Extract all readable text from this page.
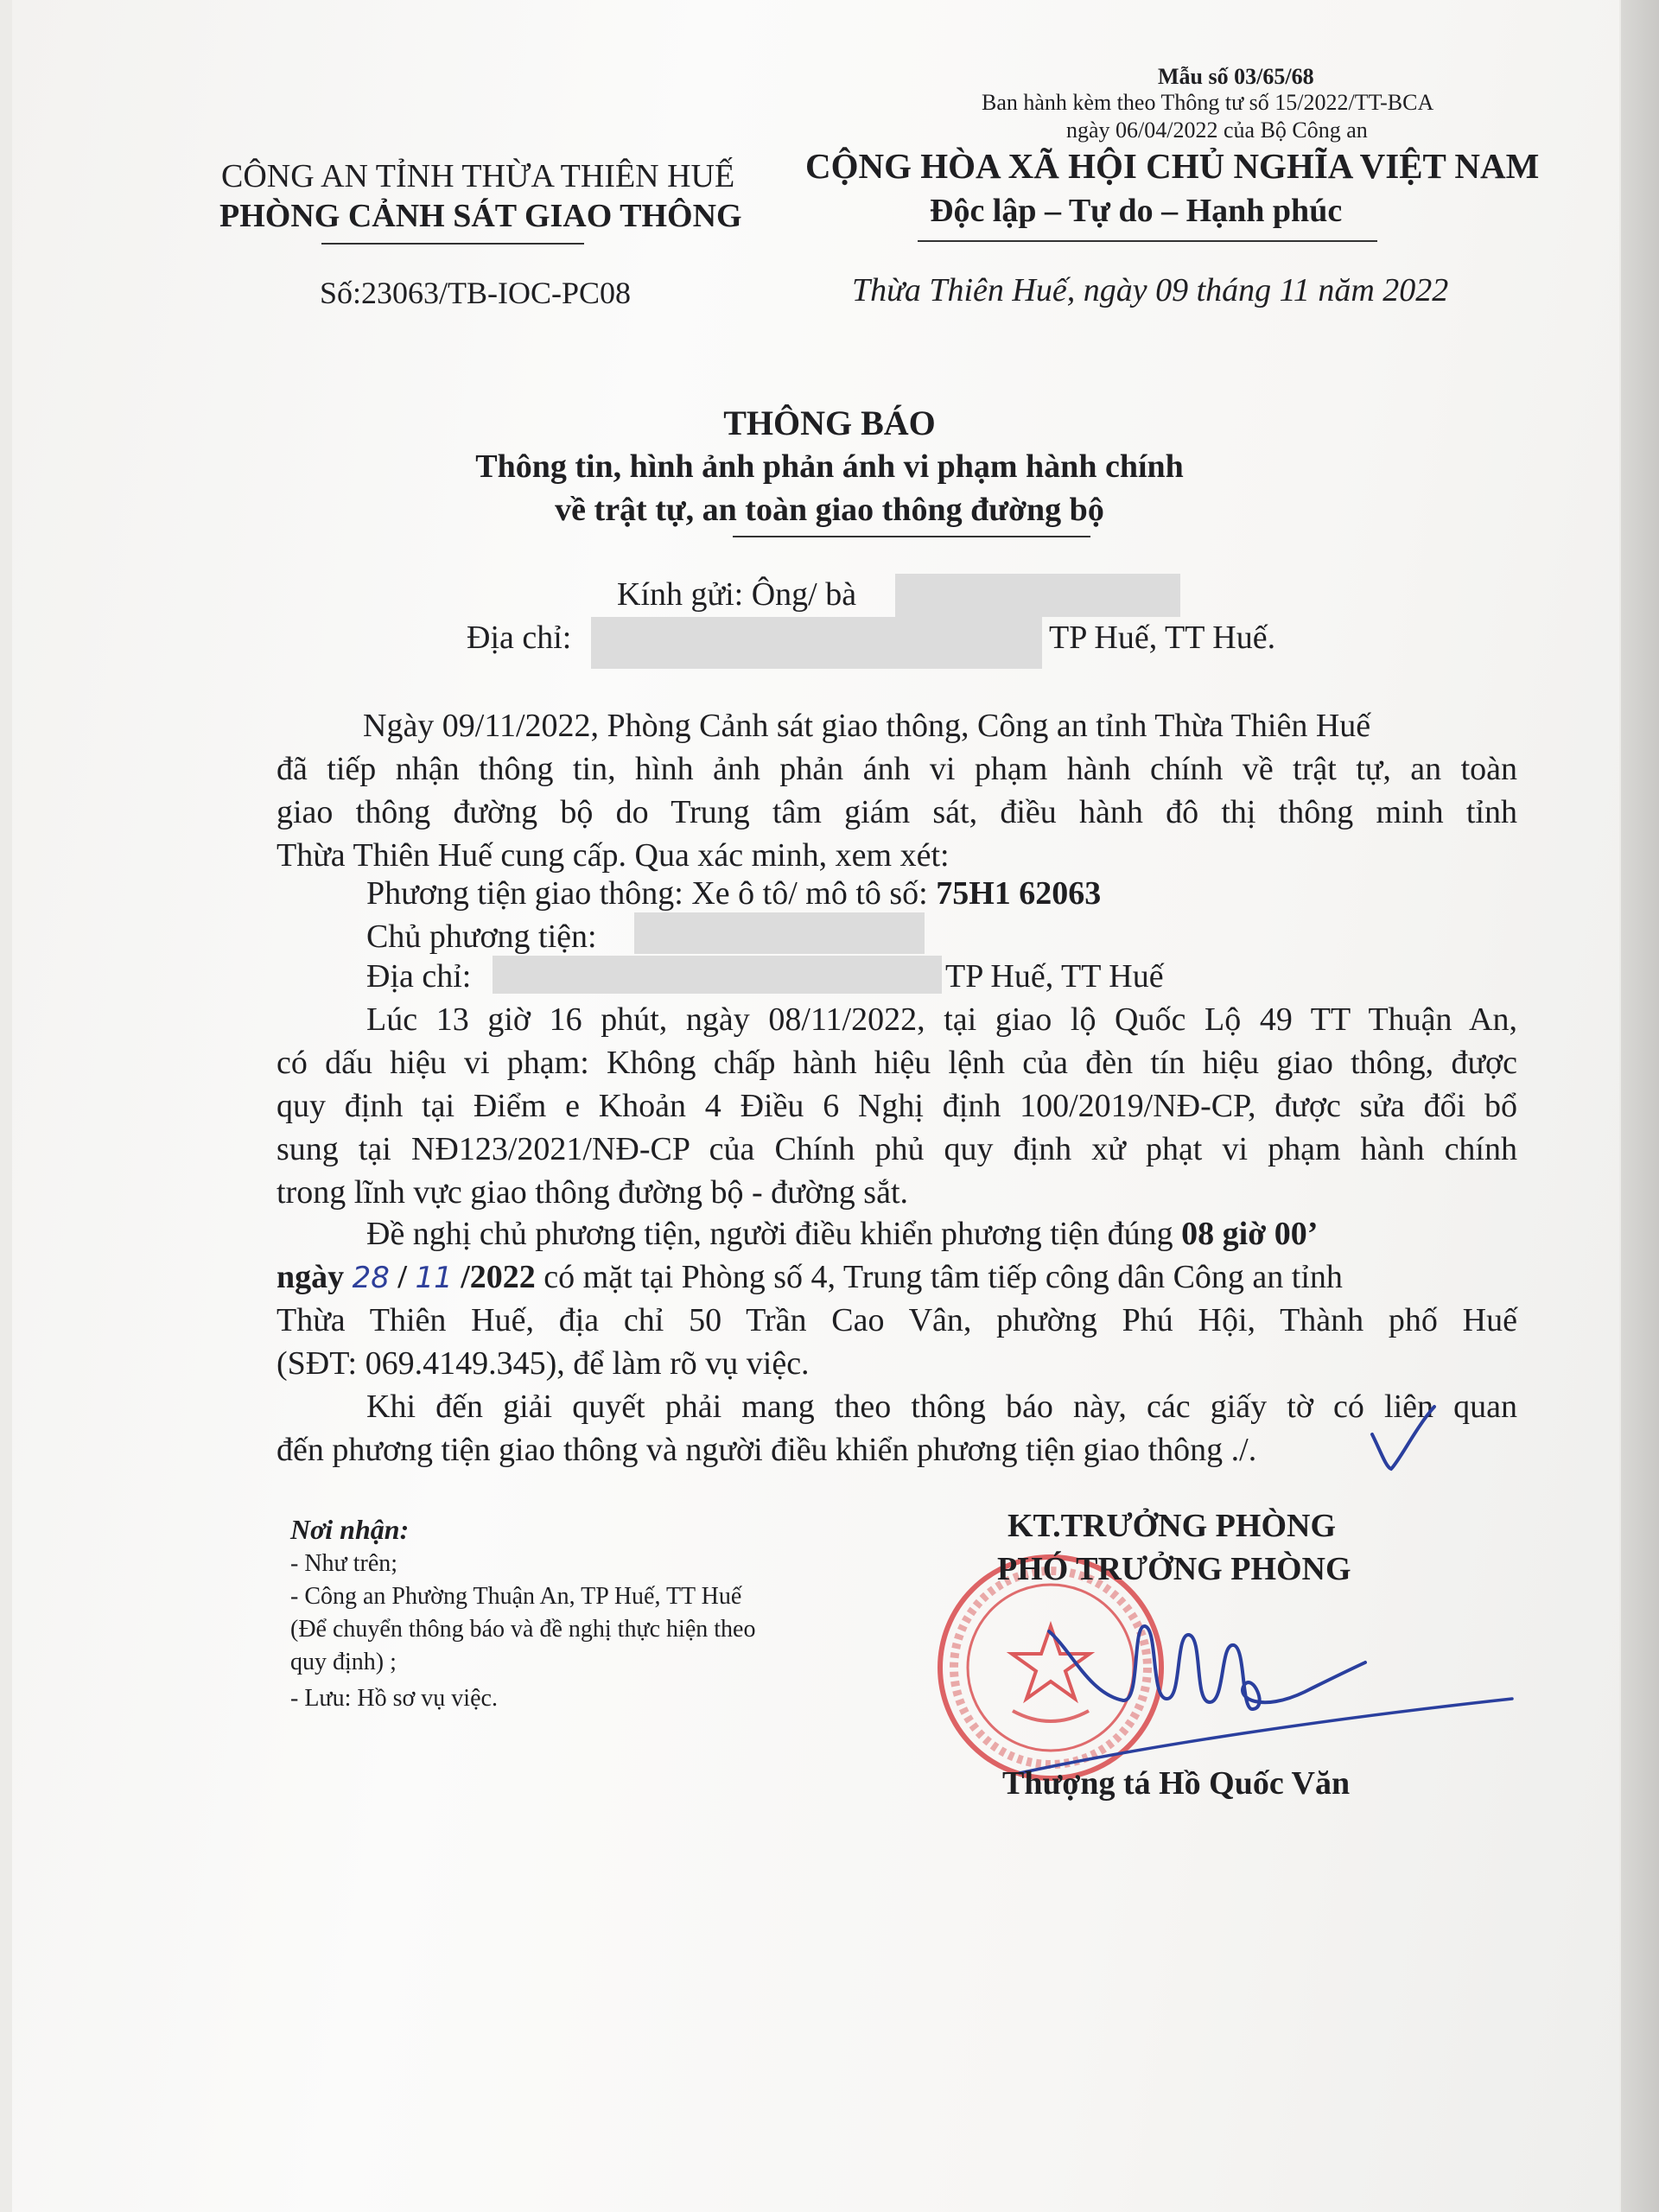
Mẫu số 03/65/68
Ban hành kèm theo Thông tư số 15/2022/TT-BCA
ngày 06/04/2022 của Bộ Công an
CÔNG AN TỈNH THỪA THIÊN HUẾ
PHÒNG CẢNH SÁT GIAO THÔNG
CỘNG HÒA XÃ HỘI CHỦ NGHĨA VIỆT NAM
Độc lập – Tự do – Hạnh phúc
Số:23063/TB-IOC-PC08	Thừa Thiên Huế, ngày 09 tháng 11 năm 2022
THÔNG BÁO
Thông tin, hình ảnh phản ánh vi phạm hành chính
về trật tự, an toàn giao thông đường bộ
Kính gửi: Ông/ bà
Địa chỉ:	TP Huế, TT Huế.
Ngày 09/11/2022, Phòng Cảnh sát giao thông, Công an tỉnh Thừa Thiên Huế
đã tiếp nhận thông tin, hình ảnh phản ánh vi phạm hành chính về trật tự, an toàn
giao thông đường bộ do Trung tâm giám sát, điều hành đô thị thông minh tỉnh
Thừa Thiên Huế cung cấp. Qua xác minh, xem xét:
Phương tiện giao thông: Xe ô tô/ mô tô số: 75H1 62063
Chủ phương tiện:
Địa chỉ:	TP Huế, TT Huế
Lúc 13 giờ 16 phút, ngày 08/11/2022, tại giao lộ Quốc Lộ 49 TT Thuận An,
có dấu hiệu vi phạm: Không chấp hành hiệu lệnh của đèn tín hiệu giao thông, được
quy định tại Điểm e Khoản 4 Điều 6 Nghị định 100/2019/NĐ-CP, được sửa đổi bổ
sung tại NĐ123/2021/NĐ-CP của Chính phủ quy định xử phạt vi phạm hành chính
trong lĩnh vực giao thông đường bộ - đường sắt.
Đề nghị chủ phương tiện, người điều khiển phương tiện đúng 08 giờ 00’
ngày 28 / 11 /2022 có mặt tại Phòng số 4, Trung tâm tiếp công dân Công an tỉnh
Thừa Thiên Huế, địa chỉ 50 Trần Cao Vân, phường Phú Hội, Thành phố Huế
(SĐT: 069.4149.345), để làm rõ vụ việc.
Khi đến giải quyết phải mang theo thông báo này, các giấy tờ có liên quan
đến phương tiện giao thông và người điều khiển phương tiện giao thông ./.
Nơi nhận:
- Như trên;
- Công an Phường Thuận An, TP Huế, TT Huế
(Để chuyển thông báo và đề nghị thực hiện theo
quy định) ;
- Lưu: Hồ sơ vụ việc.
KT.TRƯỞNG PHÒNG
PHÓ TRƯỞNG PHÒNG
Thượng tá Hồ Quốc Văn
